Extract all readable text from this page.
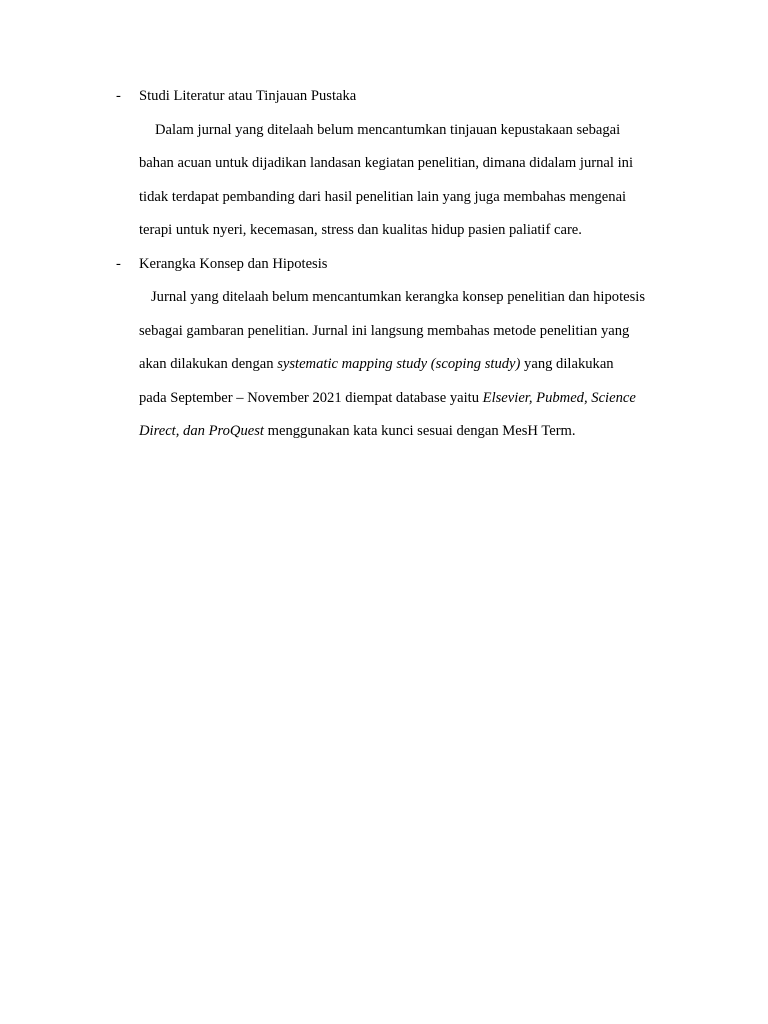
- Studi Literatur atau Tinjauan Pustaka
Dalam jurnal yang ditelaah belum mencantumkan tinjauan kepustakaan sebagai
bahan acuan untuk dijadikan landasan kegiatan penelitian, dimana didalam jurnal ini
tidak terdapat pembanding dari hasil penelitian lain yang juga membahas mengenai
terapi untuk nyeri, kecemasan, stress dan kualitas hidup pasien paliatif care.
- Kerangka Konsep dan Hipotesis
Jurnal yang ditelaah belum mencantumkan kerangka konsep penelitian dan hipotesis
sebagai gambaran penelitian. Jurnal ini langsung membahas metode penelitian yang
akan dilakukan dengan systematic mapping study (scoping study) yang dilakukan
pada September – November 2021 diempat database yaitu Elsevier, Pubmed, Science
Direct, dan ProQuest menggunakan kata kunci sesuai dengan MesH Term.
